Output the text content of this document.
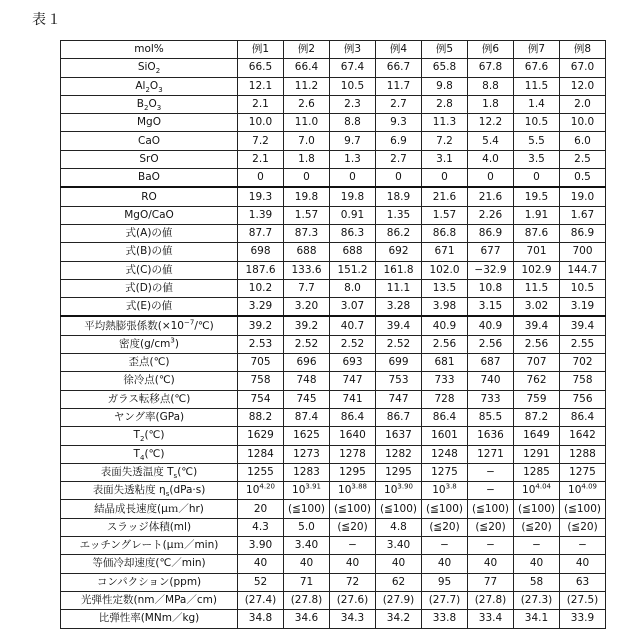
表１
mol%	例1	例2	例3	例4	例5	例6	例7	例8
SiO2	66.5	66.4	67.4	66.7	65.8	67.8	67.6	67.0
Al2O3	12.1	11.2	10.5	11.7	9.8	8.8	11.5	12.0
B2O3	2.1	2.6	2.3	2.7	2.8	1.8	1.4	2.0
MgO	10.0	11.0	8.8	9.3	11.3	12.2	10.5	10.0
CaO	7.2	7.0	9.7	6.9	7.2	5.4	5.5	6.0
SrO	2.1	1.8	1.3	2.7	3.1	4.0	3.5	2.5
BaO	0	0	0	0	0	0	0	0.5
RO	19.3	19.8	19.8	18.9	21.6	21.6	19.5	19.0
MgO/CaO	1.39	1.57	0.91	1.35	1.57	2.26	1.91	1.67
式(A)の値	87.7	87.3	86.3	86.2	86.8	86.9	87.6	86.9
式(B)の値	698	688	688	692	671	677	701	700
式(C)の値	187.6	133.6	151.2	161.8	102.0	−32.9	102.9	144.7
式(D)の値	10.2	7.7	8.0	11.1	13.5	10.8	11.5	10.5
式(E)の値	3.29	3.20	3.07	3.28	3.98	3.15	3.02	3.19
平均熱膨張係数(×10−7/℃)	39.2	39.2	40.7	39.4	40.9	40.9	39.4	39.4
密度(g/cm3)	2.53	2.52	2.52	2.52	2.56	2.56	2.56	2.55
歪点(℃)	705	696	693	699	681	687	707	702
徐冷点(℃)	758	748	747	753	733	740	762	758
ガラス転移点(℃)	754	745	741	747	728	733	759	756
ヤング率(GPa)	88.2	87.4	86.4	86.7	86.4	85.5	87.2	86.4
T2(℃)	1629	1625	1640	1637	1601	1636	1649	1642
T4(℃)	1284	1273	1278	1282	1248	1271	1291	1288
表面失透温度 Ts(℃)	1255	1283	1295	1295	1275	−	1285	1275
表面失透粘度 ηs(dPa·s)	104.20	103.91	103.88	103.90	103.8	−	104.04	104.09
結晶成長速度(μｍ／hr)	20	(≦100)	(≦100)	(≦100)	(≦100)	(≦100)	(≦100)	(≦100)
スラッジ体積(ml)	4.3	5.0	(≦20)	4.8	(≦20)	(≦20)	(≦20)	(≦20)
エッチングレート(μｍ／min)	3.90	3.40	−	3.40	−	−	−	−
等価冷却速度(℃／min)	40	40	40	40	40	40	40	40
コンパクション(ppm)	52	71	72	62	95	77	58	63
光弾性定数(nm／MPa／cm)	(27.4)	(27.8)	(27.6)	(27.9)	(27.7)	(27.8)	(27.3)	(27.5)
比弾性率(MNm／kg)	34.8	34.6	34.3	34.2	33.8	33.4	34.1	33.9
